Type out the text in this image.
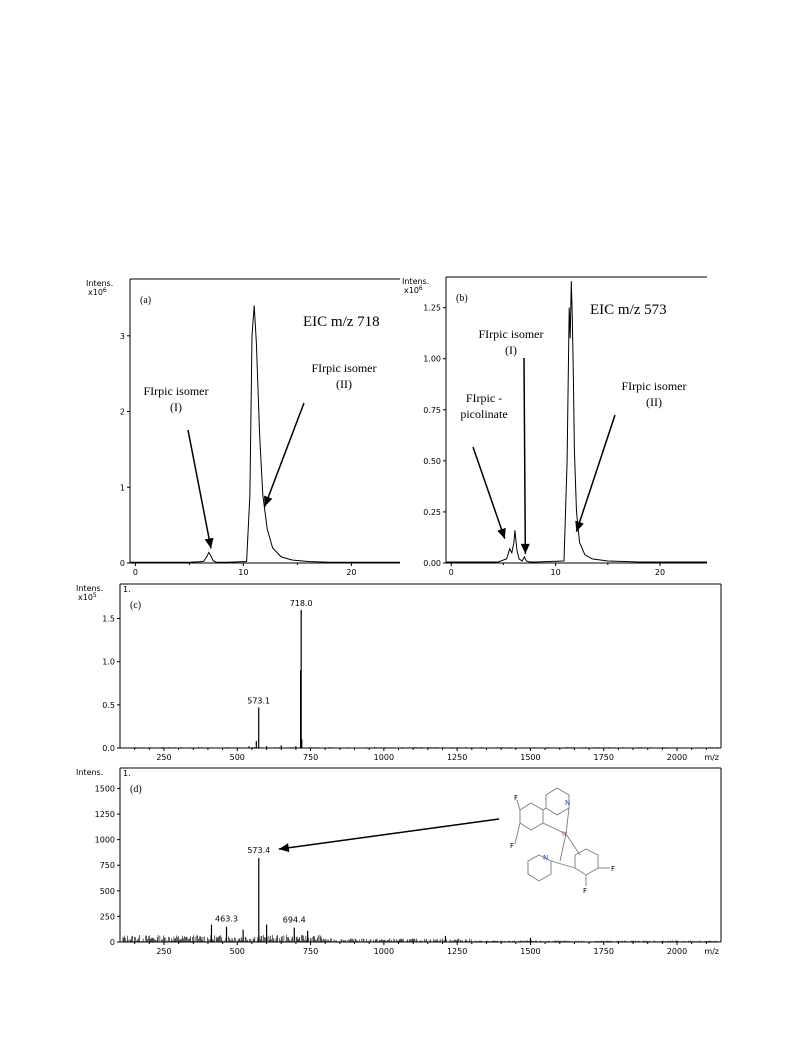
0
1
2
3
0	10	20
Intens.
$x10^6$
(a)
EIC m/z 718
FIrpic isomer
(I)
FIrpic isomer
(II)
0.00
0.25
0.50
0.75
1.00
1.25
0	10	20
Intens.
$x10^6$
(b)
EIC m/z 573
FIrpic isomer
(I)
FIrpic -
picolinate
FIrpic isomer
(II)
0.0
0.5
1.0
1.5
250	500	750	1000	1250	1500	1750	2000 m/z
1.
Intens.
$x10^5$
(c)
573.1
718.0
0
250
500
750
1000
1250
1500
250	500	750	1000	1250	1500	1750	2000 m/z
1.
Intens.
(d)
463.3
573.4
694.4
F
F
F
F
N
N
Ir
